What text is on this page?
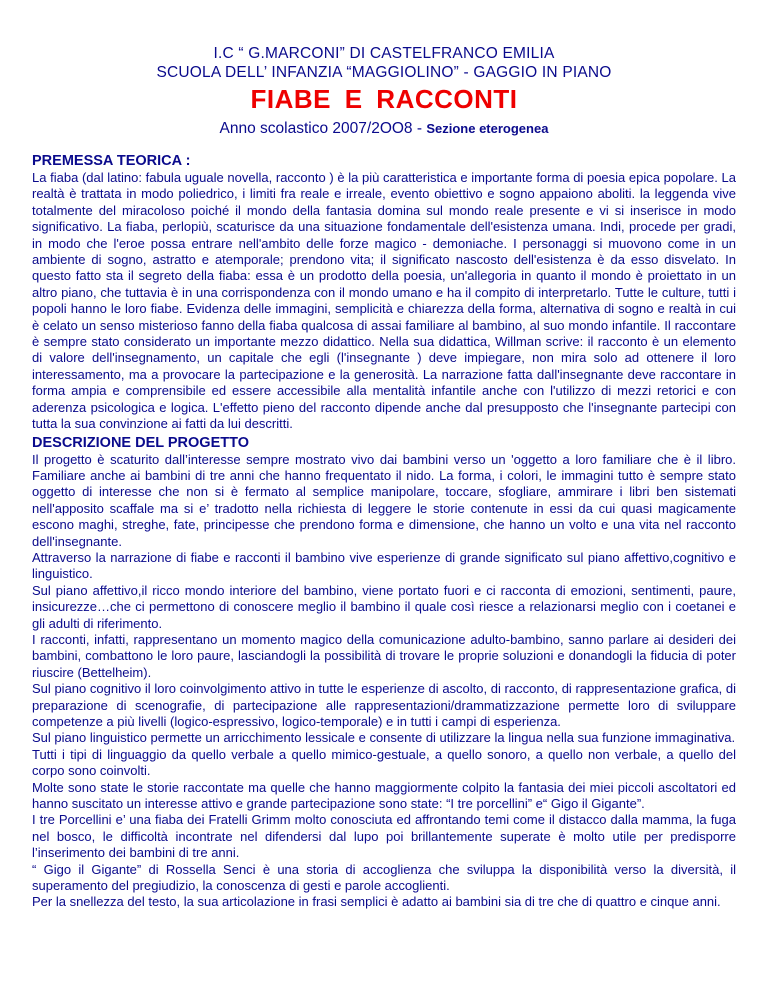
I.C “ G.MARCONI” DI CASTELFRANCO EMILIA
SCUOLA DELL’ INFANZIA “MAGGIOLINO” - GAGGIO IN PIANO
FIABE E RACCONTI
Anno scolastico 2007/2OO8 - Sezione eterogenea
PREMESSA TEORICA :

La fiaba (dal latino: fabula uguale novella, racconto ) è la più caratteristica e importante forma di poesia epica popolare. La realtà è trattata in modo poliedrico, i limiti fra reale e irreale, evento obiettivo e sogno appaiono aboliti. la leggenda vive totalmente del miracoloso poiché il mondo della fantasia domina sul mondo reale presente e vi si inserisce in modo significativo. La fiaba, perlopiù, scaturisce da una situazione fondamentale dell'esistenza umana. Indi, procede per gradi, in modo che l'eroe possa entrare nell'ambito delle forze magico - demoniache. I personaggi si muovono come in un ambiente di sogno, astratto e atemporale; prendono vita; il significato nascosto dell'esistenza è da esso disvelato. In questo fatto sta il segreto della fiaba: essa è un prodotto della poesia, un'allegoria in quanto il mondo è proiettato in un altro piano, che tuttavia è in una corrispondenza con il mondo umano e ha il compito di interpretarlo. Tutte le culture, tutti i popoli hanno le loro fiabe. Evidenza delle immagini, semplicità e chiarezza della forma, alternativa di sogno e realtà in cui è celato un senso misterioso fanno della fiaba qualcosa di assai familiare al bambino, al suo mondo infantile. Il raccontare è sempre stato considerato un importante mezzo didattico. Nella sua didattica, Willman scrive: il racconto è un elemento di valore dell'insegnamento, un capitale che egli (l'insegnante ) deve impiegare, non mira solo ad ottenere il loro interessamento, ma a provocare la partecipazione e la generosità. La narrazione fatta dall'insegnante deve raccontare in forma ampia e comprensibile ed essere accessibile alla mentalità infantile anche con l'utilizzo di mezzi retorici e con aderenza psicologica e logica. L'effetto pieno del racconto dipende anche dal presupposto che l'insegnante partecipi con tutta la sua convinzione ai fatti da lui descritti.

DESCRIZIONE DEL PROGETTO

Il progetto è scaturito dall’interesse sempre mostrato vivo dai bambini verso un 'oggetto a loro familiare che è il libro. Familiare anche ai bambini di tre anni che hanno frequentato il nido. La forma, i colori, le immagini tutto è sempre stato oggetto di interesse che non si è fermato al semplice manipolare, toccare, sfogliare, ammirare i libri ben sistemati nell'apposito scaffale ma si e’ tradotto nella richiesta di leggere le storie contenute in essi da cui quasi magicamente escono maghi, streghe, fate, principesse che prendono forma e dimensione, che hanno un volto e una vita nel racconto dell'insegnante.

Attraverso la narrazione di fiabe e racconti il bambino vive esperienze di grande significato sul piano affettivo,cognitivo e linguistico.

Sul piano affettivo,il ricco mondo interiore del bambino, viene portato fuori e ci racconta di emozioni, sentimenti, paure, insicurezze…che ci permettono di conoscere meglio il bambino il quale così riesce a relazionarsi meglio con i coetanei e gli adulti di riferimento.

I racconti, infatti, rappresentano un momento magico della comunicazione adulto-bambino, sanno parlare ai desideri dei bambini, combattono le loro paure, lasciandogli la possibilità di trovare le proprie soluzioni e donandogli la fiducia di poter riuscire (Bettelheim).

Sul piano cognitivo il loro coinvolgimento attivo in tutte le esperienze di ascolto, di racconto, di rappresentazione grafica, di preparazione di scenografie, di partecipazione alle rappresentazioni/drammatizzazione permette loro di sviluppare competenze a più livelli (logico-espressivo, logico-temporale) e in tutti i campi di esperienza.

Sul piano linguistico permette un arricchimento lessicale e consente di utilizzare la lingua nella sua funzione immaginativa.

Tutti i tipi di linguaggio da quello verbale a quello mimico-gestuale, a quello sonoro, a quello non verbale, a quello del corpo sono coinvolti.

Molte sono state le storie raccontate ma quelle che hanno maggiormente colpito la fantasia dei miei piccoli ascoltatori ed hanno suscitato un interesse attivo e grande partecipazione sono state: “I tre porcellini” e“ Gigo il Gigante”.

I tre Porcellini e’ una fiaba dei Fratelli Grimm molto conosciuta ed affrontando temi come il distacco dalla mamma, la fuga nel bosco, le difficoltà incontrate nel difendersi dal lupo poi brillantemente superate è molto utile per predisporre l’inserimento dei bambini di tre anni.

“ Gigo il Gigante” di Rossella Senci è una storia di accoglienza che sviluppa la disponibilità verso la diversità, il superamento del pregiudizio, la conoscenza di gesti e parole accoglienti.

Per la snellezza del testo, la sua articolazione in frasi semplici è adatto ai bambini sia di tre che di quattro e cinque anni.
